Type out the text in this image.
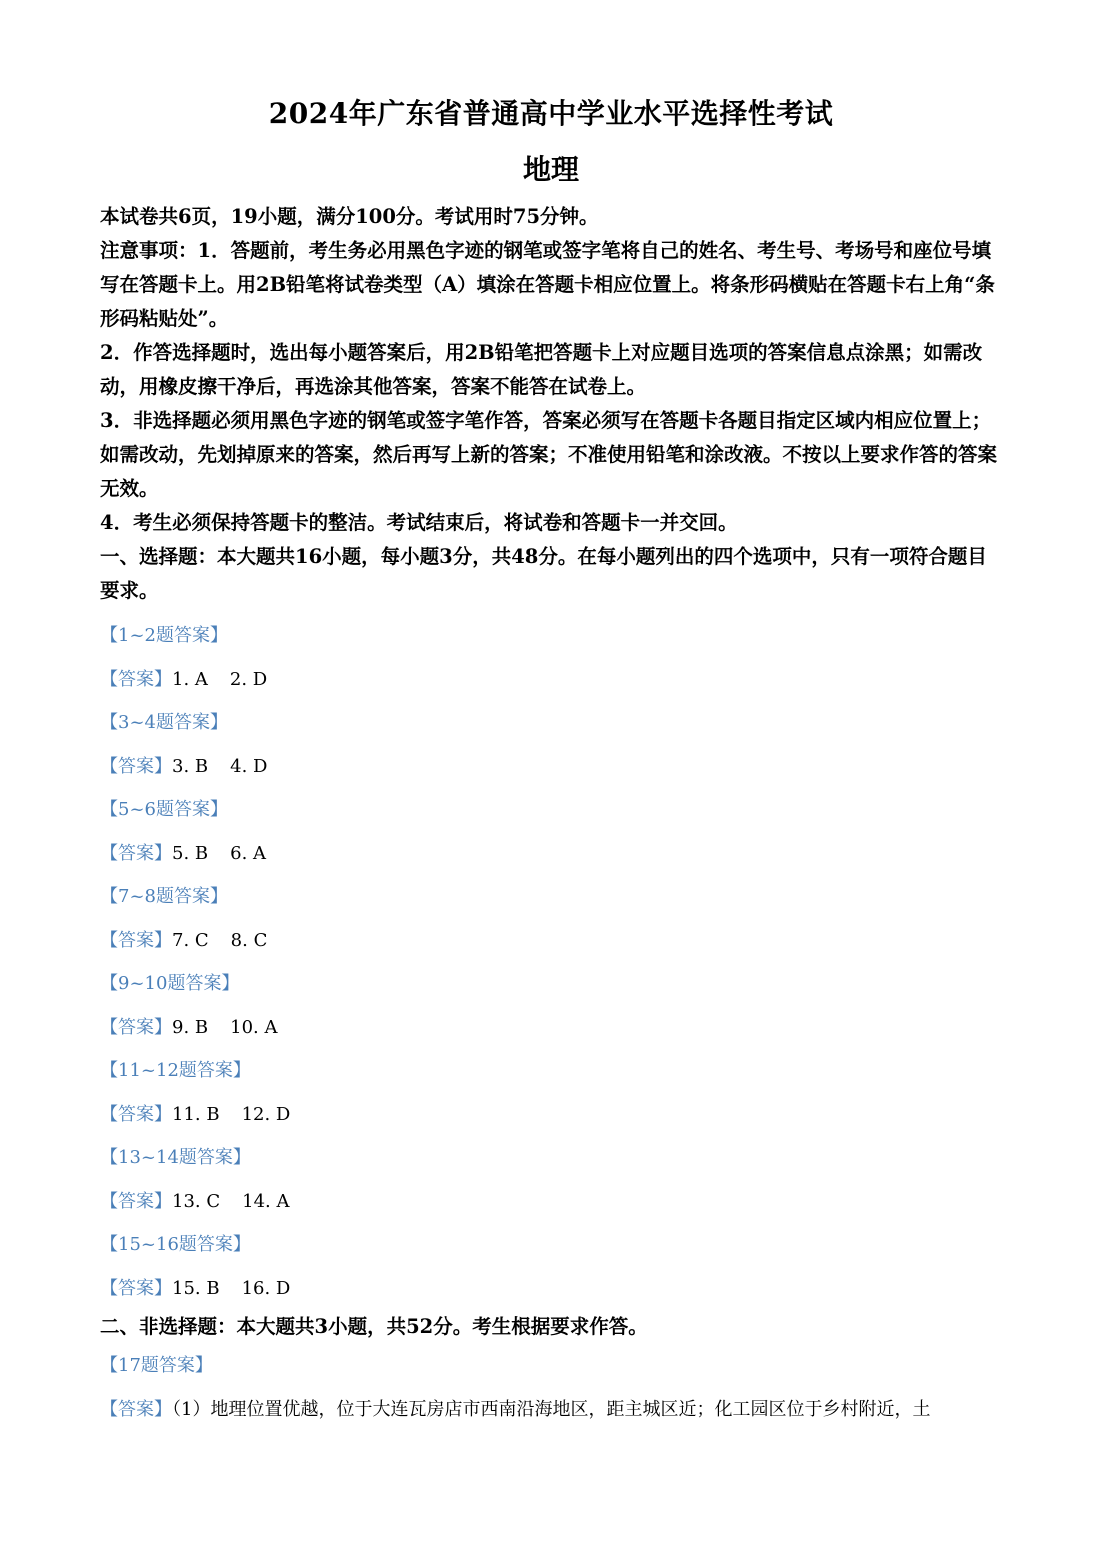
2024年广东省普通高中学业水平选择性考试
地理

本试卷共6页，19小题，满分100分。考试用时75分钟。

注意事项：1．答题前，考生务必用黑色字迹的钢笔或签字笔将自己的姓名、考生号、考场号和座位号填写在答题卡上。用2B铅笔将试卷类型（A）填涂在答题卡相应位置上。将条形码横贴在答题卡右上角“条形码粘贴处”。

2．作答选择题时，选出每小题答案后，用2B铅笔把答题卡上对应题目选项的答案信息点涂黑；如需改动，用橡皮擦干净后，再选涂其他答案，答案不能答在试卷上。

3．非选择题必须用黑色字迹的钢笔或签字笔作答，答案必须写在答题卡各题目指定区域内相应位置上；如需改动，先划掉原来的答案，然后再写上新的答案；不准使用铅笔和涂改液。不按以上要求作答的答案无效。

4．考生必须保持答题卡的整洁。考试结束后，将试卷和答题卡一并交回。

一、选择题：本大题共16小题，每小题3分，共48分。在每小题列出的四个选项中，只有一项符合题目要求。

【1~2题答案】

【答案】1. A 2. D

【3~4题答案】

【答案】3. B 4. D

【5~6题答案】

【答案】5. B 6. A

【7~8题答案】

【答案】7. C 8. C

【9~10题答案】

【答案】9. B 10. A

【11~12题答案】

【答案】11. B 12. D

【13~14题答案】

【答案】13. C 14. A

【15~16题答案】

【答案】15. B 16. D

二、非选择题：本大题共3小题，共52分。考生根据要求作答。

【17题答案】

【答案】（1）地理位置优越，位于大连瓦房店市西南沿海地区，距主城区近；化工园区位于乡村附近，土
